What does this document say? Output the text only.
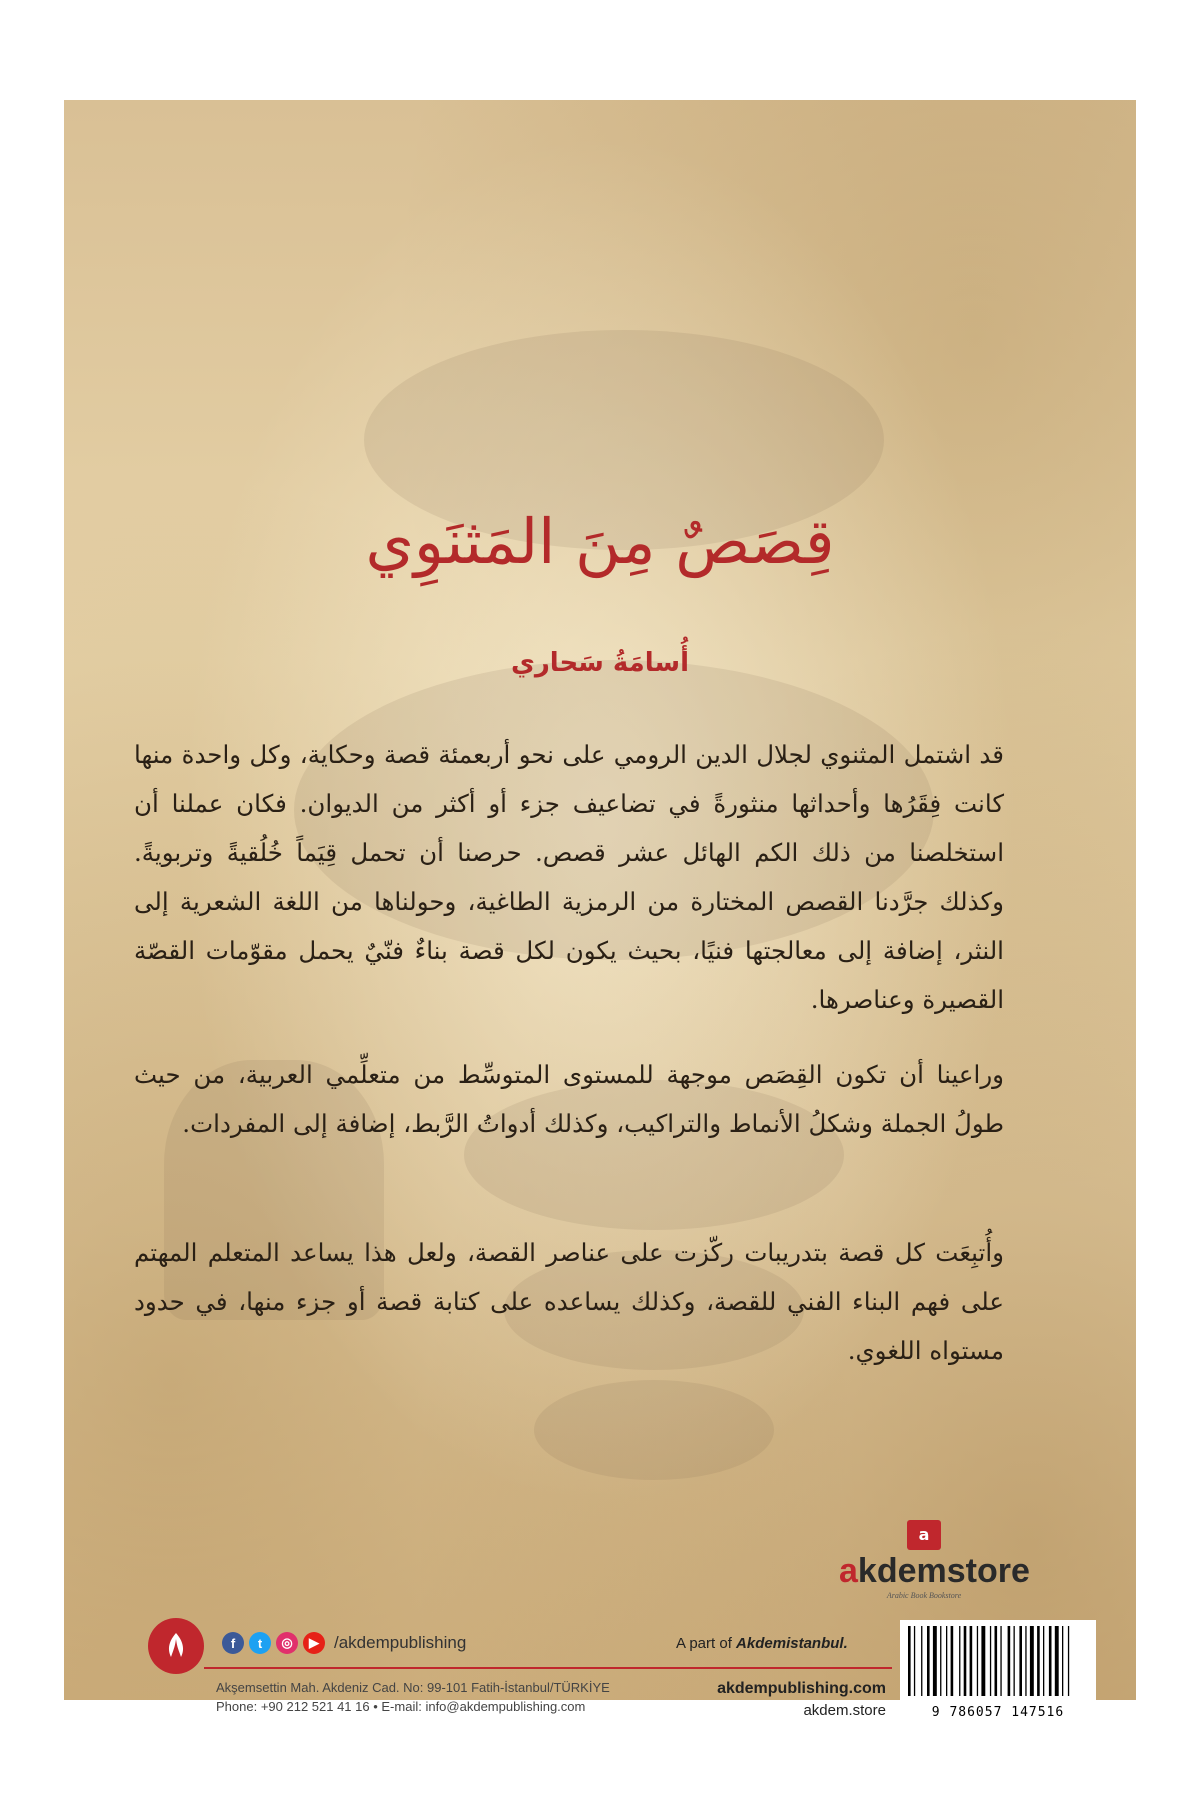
قِصَصٌ مِنَ المَثنَوِي
أُسامَةُ سَحاري

قد اشتمل المثنوي لجلال الدين الرومي على نحو أربعمئة قصة وحكاية، وكل واحدة منها كانت فِقَرُها وأحداثها منثورةً في تضاعيف جزء أو أكثر من الديوان. فكان عملنا أن استخلصنا من ذلك الكم الهائل عشر قصص. حرصنا أن تحمل قِيَماً خُلُقيةً وتربويةً. وكذلك جرَّدنا القصص المختارة من الرمزية الطاغية، وحولناها من اللغة الشعرية إلى النثر، إضافة إلى معالجتها فنيًا، بحيث يكون لكل قصة بناءٌ فنّيٌ يحمل مقوّمات القصّة القصيرة وعناصرها.

وراعينا أن تكون القِصَص موجهة للمستوى المتوسِّط من متعلِّمي العربية، من حيث طولُ الجملة وشكلُ الأنماط والتراكيب، وكذلك أدواتُ الرَّبط، إضافة إلى المفردات.

وأُتبِعَت كل قصة بتدريبات ركّزت على عناصر القصة، ولعل هذا يساعد المتعلم المهتم على فهم البناء الفني للقصة، وكذلك يساعده على كتابة قصة أو جزء منها، في حدود مستواه اللغوي.

a
akdemstore
Arabic Book Bookstore
f	t	◎	▶ /akdempublishing	A part of Akdemistanbul.
Akşemsettin Mah. Akdeniz Cad. No: 99-101 Fatih-İstanbul/TÜRKİYE
Phone: +90 212 521 41 16 • E-mail: info@akdempublishing.com
akdempublishing.com
akdem.store	9 786057 147516
